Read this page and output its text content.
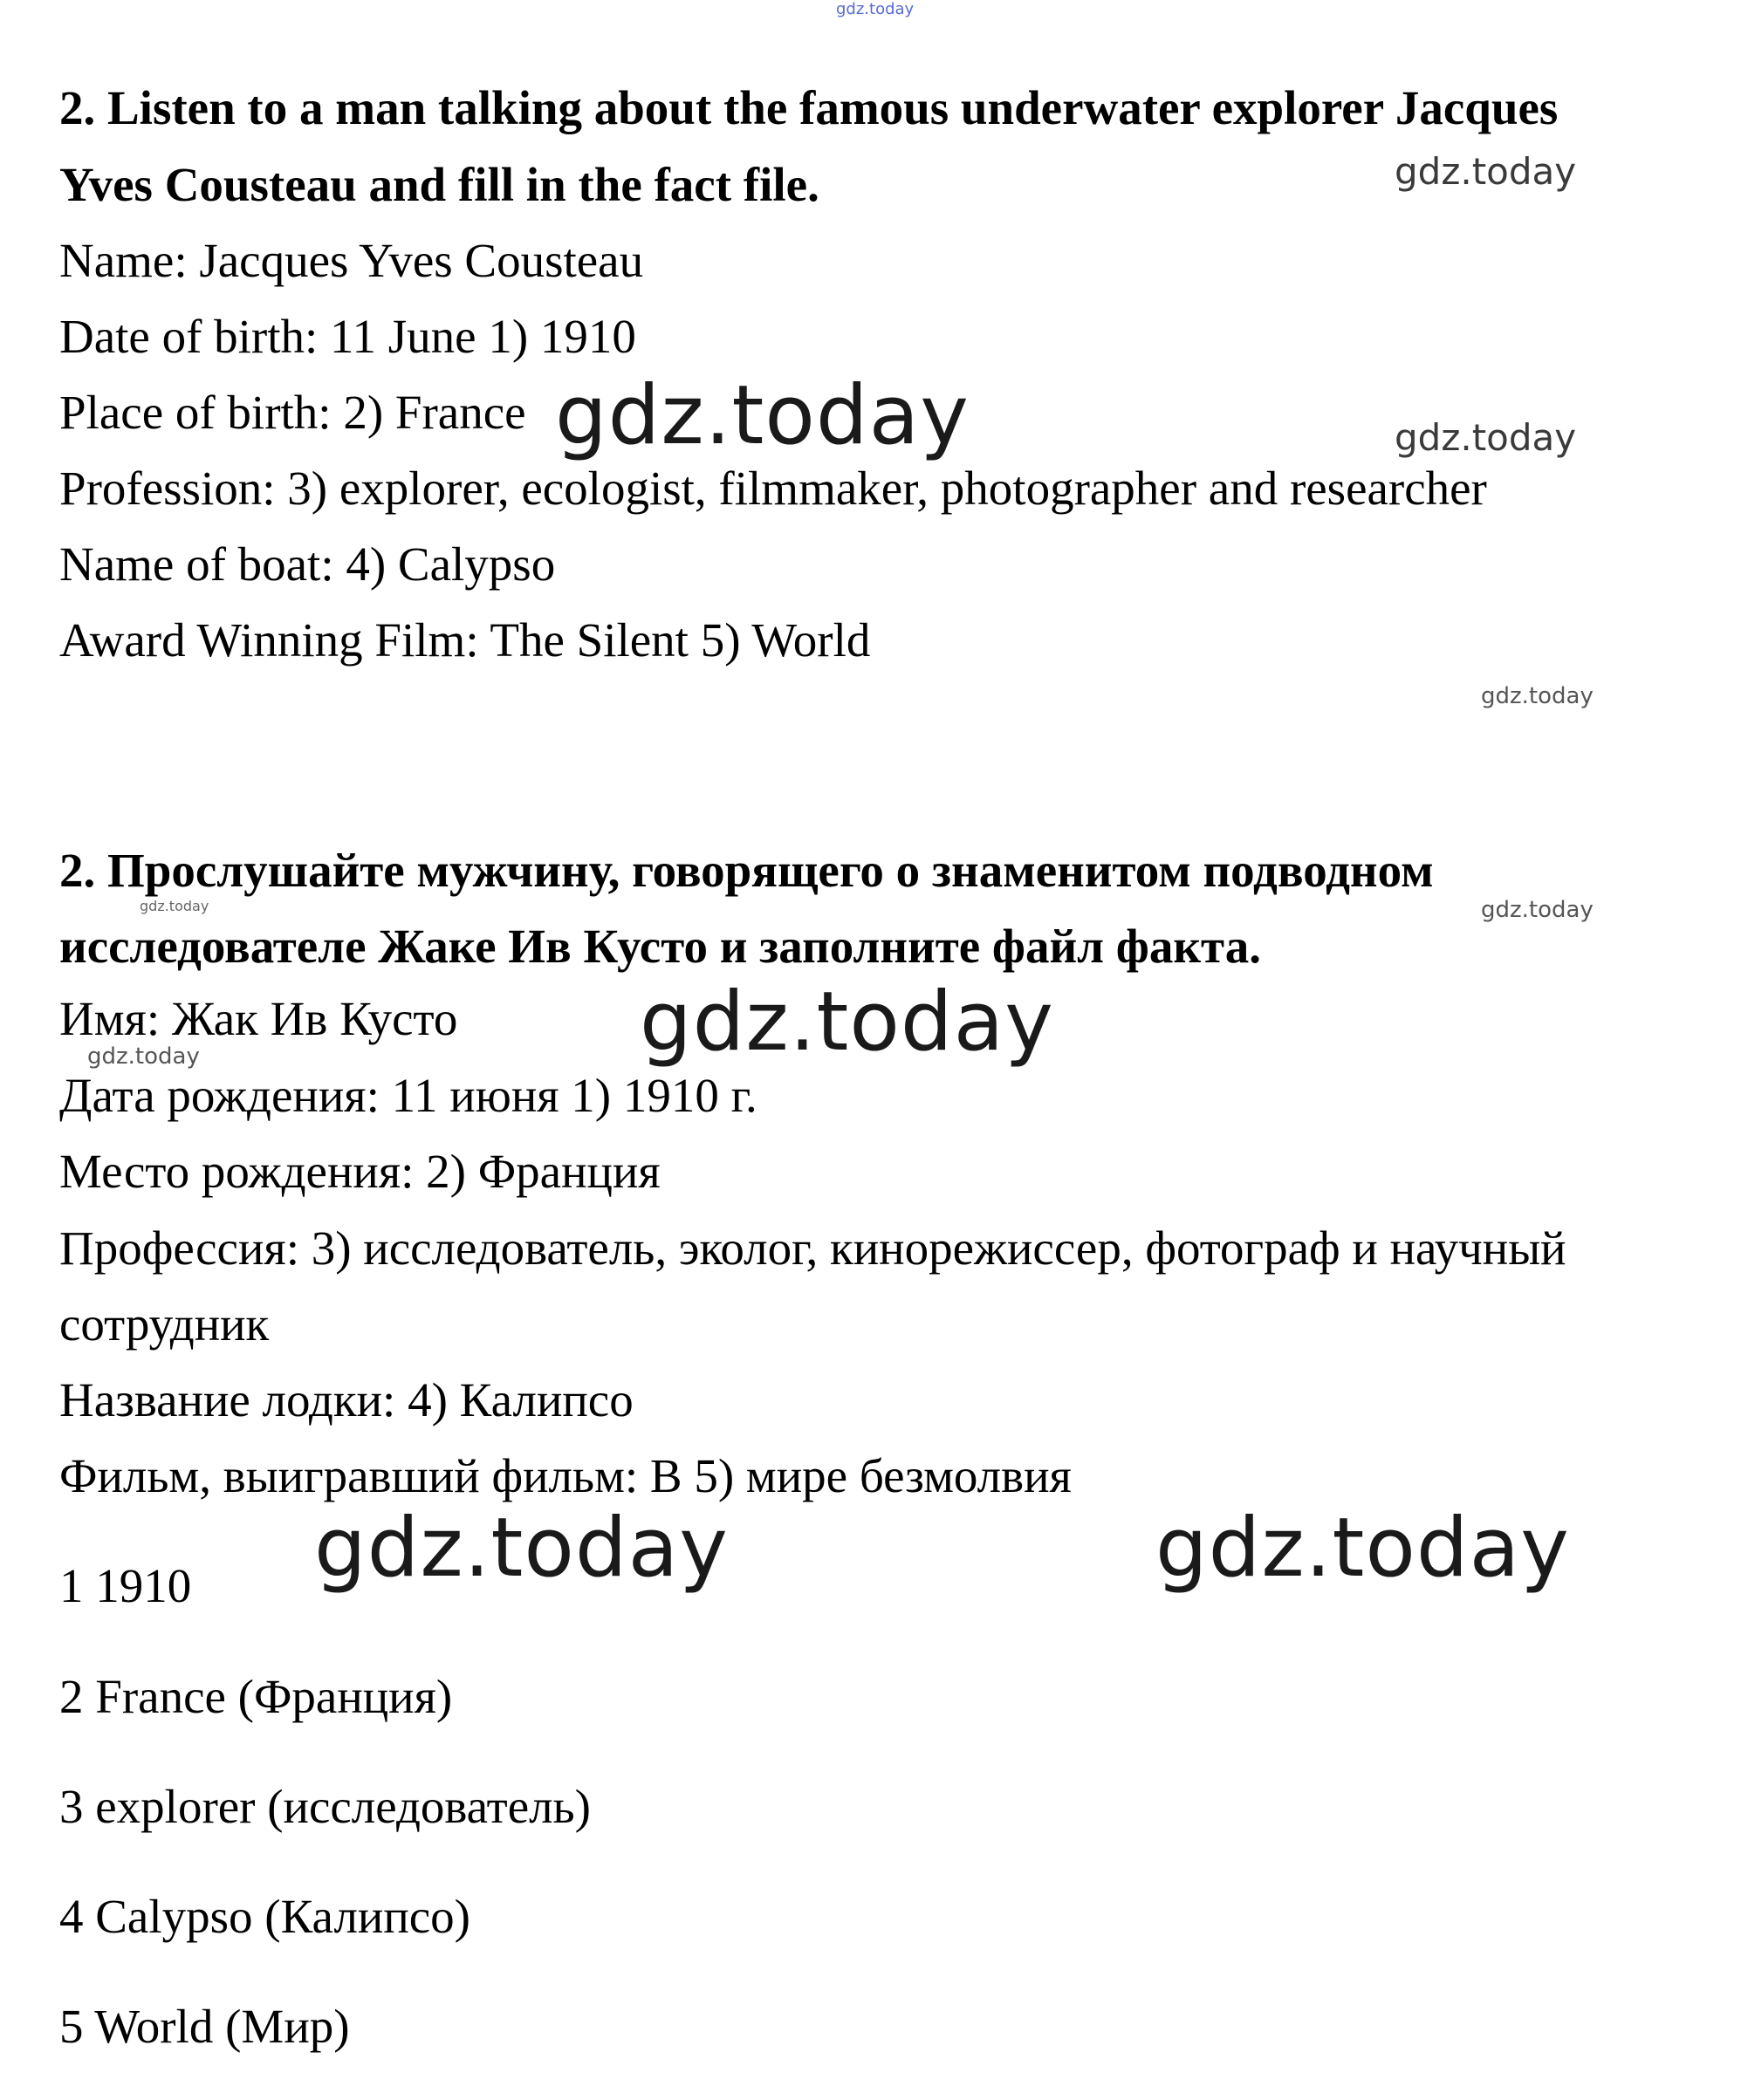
2. Listen to a man talking about the famous underwater explorer Jacques
Yves Cousteau and fill in the fact file.
Name: Jacques Yves Cousteau
Date of birth: 11 June 1) 1910
Place of birth: 2) France
Profession: 3) explorer, ecologist, filmmaker, photographer and researcher
Name of boat: 4) Calypso
Award Winning Film: The Silent 5) World
2. Прослушайте мужчину, говорящего о знаменитом подводном
исследователе Жаке Ив Кусто и заполните файл факта.
Имя: Жак Ив Кусто
Дата рождения: 11 июня 1) 1910 г.
Место рождения: 2) Франция
Профессия: 3) исследователь, эколог, кинорежиссер, фотограф и научный
сотрудник
Название лодки: 4) Калипсо
Фильм, выигравший фильм: В 5) мире безмолвия
1 1910
2 France (Франция)
3 explorer (исследователь)
4 Calypso (Калипсо)
5 World (Мир)
gdz.today
gdz.today
gdz.today	gdz.today
gdz.today
gdz.today	gdz.today
gdz.today
gdz.today
gdz.today	gdz.today
